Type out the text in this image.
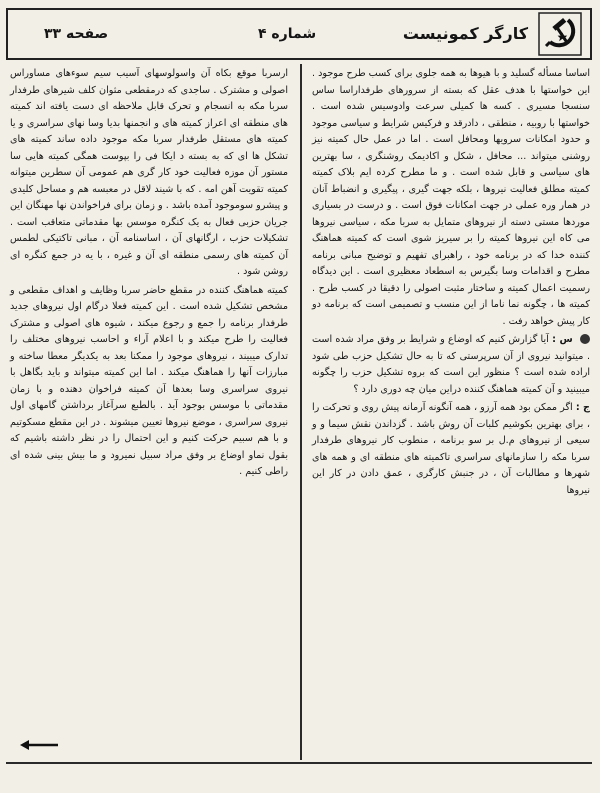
صفحه ۳۳	شماره ۴	کارگر کمونیست

اساسا مسأله گسلید و با هیوها به همه جلوی برای کسب طرح موجود . این خواستها با هدف عقل که بسته از سرورهای طرفداراسا ساس سنسجا مسیری . کسه ها کمیلی سرعت وادوسیس شده است . خواستها با روبیه ، منطقی ، دادرقد و فرکیس شرایط و سیاسی موجود و حدود امکانات سرویها ومحافل است . اما در عمل حال کمیته نیز روشنی میتواند ... محافل ، شکل و اکادیمک روشنگری ، سا بهترین های سیاسی و قابل شده است . و ما مطرح کرده ایم بلاک کمیته کمیته مطلق فعالیت نیروها ، بلکه جهت گیری ، پیگیری و انضباط آنان در همار وره عملی در جهت امکانات فوق است . و درست در بسیاری موردها مستی دسته از نیروهای متمایل به سربا مکه ، سیاسی نیروها می کاه این نیروها کمیته را بر سیریز شوی است که کمیته هماهنگ کننده خدا که در برنامه خود ، راهبرای تفهیم و توضیح مبانی برنامه مطرح و اقدامات وسا بگیرس به اسطعاد معظیری است . این دیدگاه رسمیت اعمال کمیته و ساختار مثبت اصولی را دقیقا در کسب طرح . کمیته ها ، چگونه نما ناما از این منسب و تصمیمی است که برنامه دو کار پیش خواهد رفت .

س : آیا گزارش کنیم که اوضاع و شرایط بر وفق مراد شده است . میتوانید نیروی از آن سرپرستی که تا به حال تشکیل حزب طی شود اراده شده است ؟ منظور این است که بروه تشکیل حزب را چگونه میبینید و آن کمیته هماهنگ کننده دراین میان چه دوری دارد ؟

ج : اگر ممکن بود همه آرزو ، همه آنگونه آرمانه پیش روی و تحرکت را ، برای بهترین بکوشیم کلبات آن روش باشد . گزداندن نقش سیما و و سیعی از نیروهای م.ل بر سو برنامه ، منطوب کار نیروهای طرفدار سربا مکه را سازمانهای سراسری تاکمیته های منطقه ای و همه های شهرها و مطالبات آن ، در جنبش کارگری ، عمق دادن در کار این نیروها

ارسربا موقع بکاه آن واسولوسهای آسیب سیم سوءهای مساوراس اصولی و مشترک . ساجدی که درمقطعی مثوان کلف شیرهای طرفدار سربا مکه به انسجام و تحرک قابل ملاحظه ای دست یافته اند کمیته های منطقه ای اعراز کمیته های و انجمنها بدیا وسا نهای سراسری و یا کمیته های مستقل طرفدار سربا مکه موجود داده ساند کمیته های تشکل ها ای که به بسته د ایکا فی را بپوست همگی کمیته هایی سا مستور آن موزه فعالیت خود کار گری هم عمومی آن سطرین میتوانه کمیته تقویت آهن امه . که با شیند لاقل در معبسه هم و مساحل کلیدی و پیشرو سوموجود آمده باشد . و زمان برای فراخواندن نها مهنگان این جریان حزبی فعال به یک کنگره موسس بها مقدماتی متعاقب است . تشکیلات حزب ، ارگانهای آن ، اساسنامه آن ، مبانی تاکتیکی لطمس آن کمیته های رسمی منطقه ای آن و غیره ، با یه در جمع کنگره ای روشن شود .

کمیته هماهنگ کننده در مقطع حاضر سربا وظایف و اهداف مقطعی و مشخص تشکیل شده است . این کمیته فعلا درگام اول نیروهای جدید طرفدار برنامه را جمع و رجوع میکند ، شیوه های اصولی و مشترک فعالیت را طرح میکند و با اعلام آراء و احاسب نیروهای مختلف را تدارک میبیند ، نیروهای موجود را ممکنا بعد به یکدیگر معطا ساخته و مبارزات آنها را هماهنگ میکند . اما این کمیته میتواند و باید بگاهل با نیروی سراسری وسا بعدها آن کمیته فراخوان دهنده و با زمان مقدماتی با موسس بوجود آید . بالطبع سرآغاز برداشتن گامهای اول نیروی سراسری ، موضع نیروها تعیین میشوند . در این مقطع مسکوتیم و با هم سبیم حرکت کنیم و این احتمال را در نظر داشته باشیم که بقول نماو اوضاع بر وفق مراد سبیل نمیرود و ما بیش بینی شده ای راطی کنیم .
